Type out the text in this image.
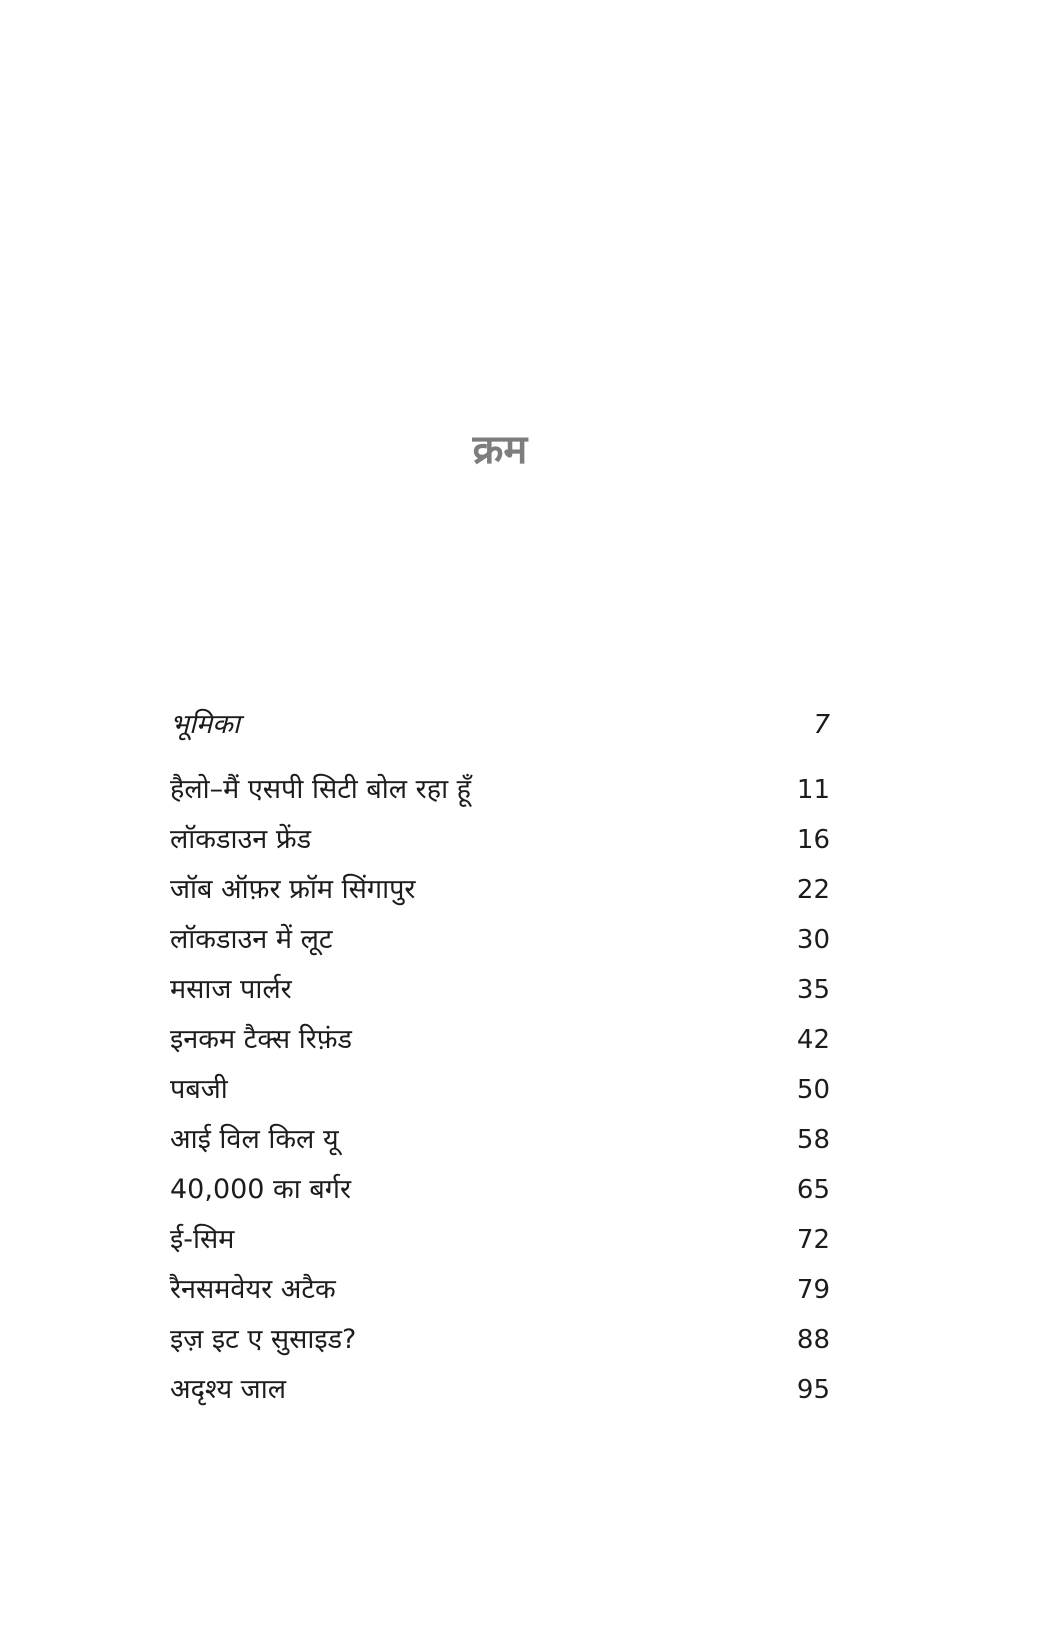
क्रम
भूमिका	7
हैलो–मैं एसपी सिटी बोल रहा हूँ	11
लॉकडाउन फ्रेंड	16
जॉब ऑफ़र फ्रॉम सिंगापुर	22
लॉकडाउन में लूट	30
मसाज पार्लर	35
इनकम टैक्स रिफ़ंड	42
पबजी	50
आई विल किल यू	58
40,000 का बर्गर	65
ई-सिम	72
रैनसमवेयर अटैक	79
इज़ इट ए सुसाइड?	88
अदृश्य जाल	95
